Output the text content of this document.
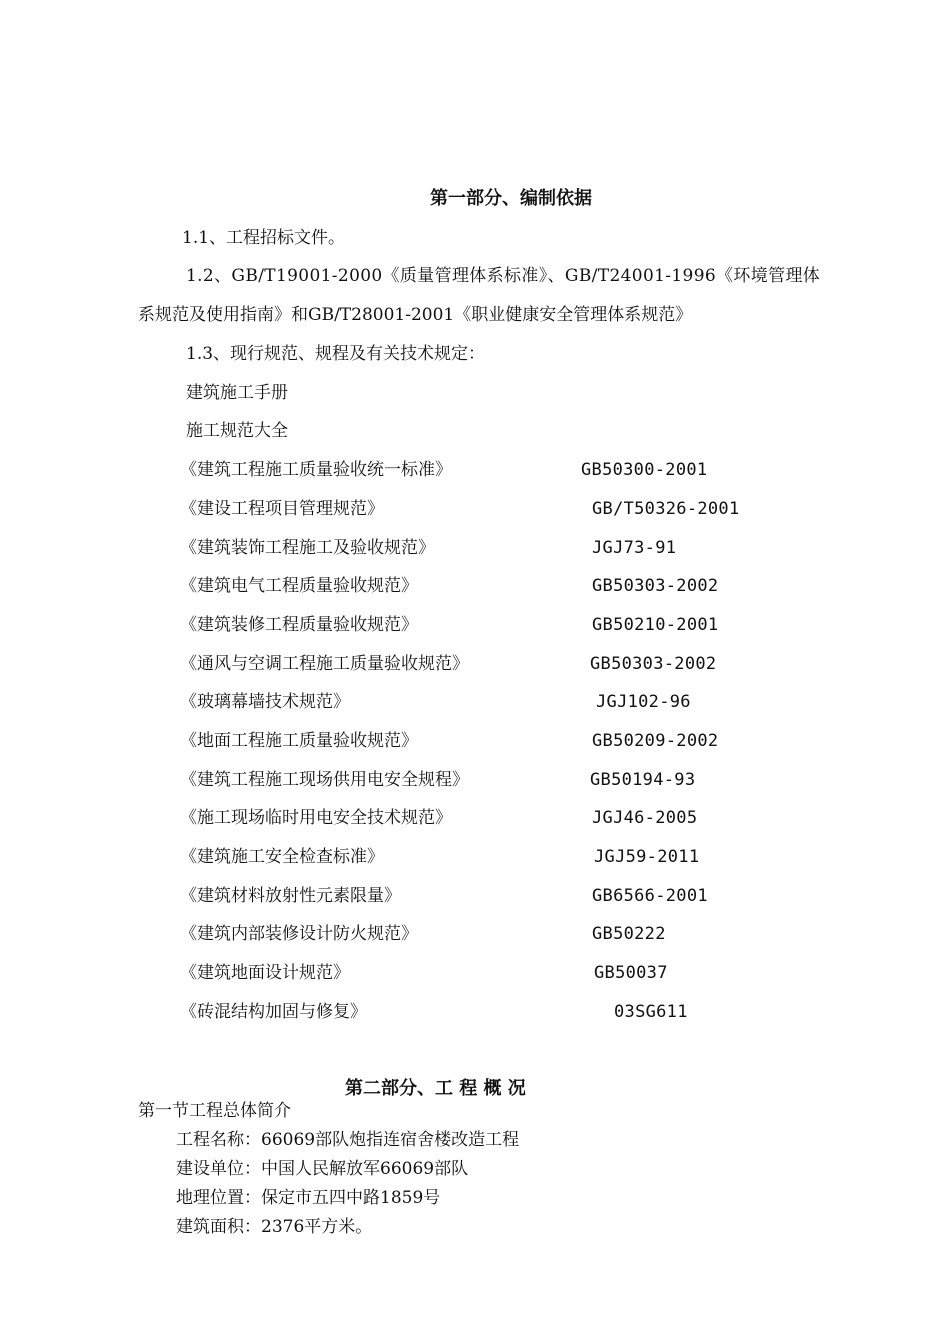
第一部分、编制依据
1.1、工程招标文件。
1.2、GB/T19001-2000《质量管理体系标准》、GB/T24001-1996《环境管理体
系规范及使用指南》和GB/T28001-2001《职业健康安全管理体系规范》
1.3、现行规范、规程及有关技术规定：
建筑施工手册
施工规范大全
《建筑工程施工质量验收统一标准》	GB50300-2001
《建设工程项目管理规范》	GB/T50326-2001
《建筑装饰工程施工及验收规范》	JGJ73-91
《建筑电气工程质量验收规范》	GB50303-2002
《建筑装修工程质量验收规范》	GB50210-2001
《通风与空调工程施工质量验收规范》	GB50303-2002
《玻璃幕墙技术规范》	JGJ102-96
《地面工程施工质量验收规范》	GB50209-2002
《建筑工程施工现场供用电安全规程》	GB50194-93
《施工现场临时用电安全技术规范》	JGJ46-2005
《建筑施工安全检查标准》	JGJ59-2011
《建筑材料放射性元素限量》	GB6566-2001
《建筑内部装修设计防火规范》	GB50222
《建筑地面设计规范》	GB50037
《砖混结构加固与修复》	03SG611
第二部分、工 程 概 况
第一节工程总体简介
工程名称：66069部队炮指连宿舍楼改造工程
建设单位：中国人民解放军66069部队
地理位置：保定市五四中路1859号
建筑面积：2376平方米。
